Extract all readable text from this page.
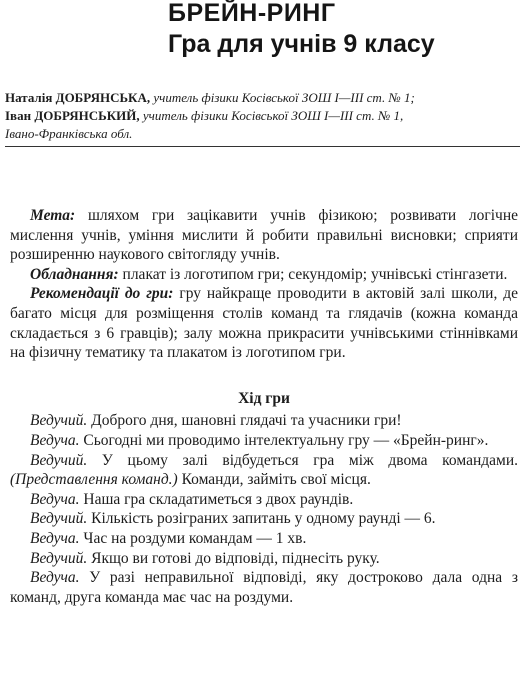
БРЕЙН-РИНГ
Гра для учнів 9 класу
Наталія ДОБРЯНСЬКА, учитель фізики Косівської ЗОШ І—ІІІ ст. № 1;
Іван ДОБРЯНСЬКИЙ, учитель фізики Косівської ЗОШ І—ІІІ ст. № 1,
Івано-Франківська обл.

Мета: шляхом гри зацікавити учнів фізикою; розвивати логічне мислення учнів, уміння мислити й робити правильні висновки; сприяти розширенню наукового світогляду учнів.

Обладнання: плакат із логотипом гри; секундомір; учнівські стінгазети.

Рекомендації до гри: гру найкраще проводити в актовій залі школи, де багато місця для розміщення столів команд та глядачів (кожна команда складається з 6 гравців); залу можна прикрасити учнівськими стіннівками на фізичну тематику та плакатом із логотипом гри.

Хід гри

Ведучий. Доброго дня, шановні глядачі та учасники гри!

Ведуча. Сьогодні ми проводимо інтелектуальну гру — «Брейн-ринг».

Ведучий. У цьому залі відбудеться гра між двома командами. (Представлення команд.) Команди, займіть свої місця.

Ведуча. Наша гра складатиметься з двох раундів.

Ведучий. Кількість розіграних запитань у одному раунді — 6.

Ведуча. Час на роздуми командам — 1 хв.

Ведучий. Якщо ви готові до відповіді, піднесіть руку.

Ведуча. У разі неправильної відповіді, яку достроково дала одна з команд, друга команда має час на роздуми.
